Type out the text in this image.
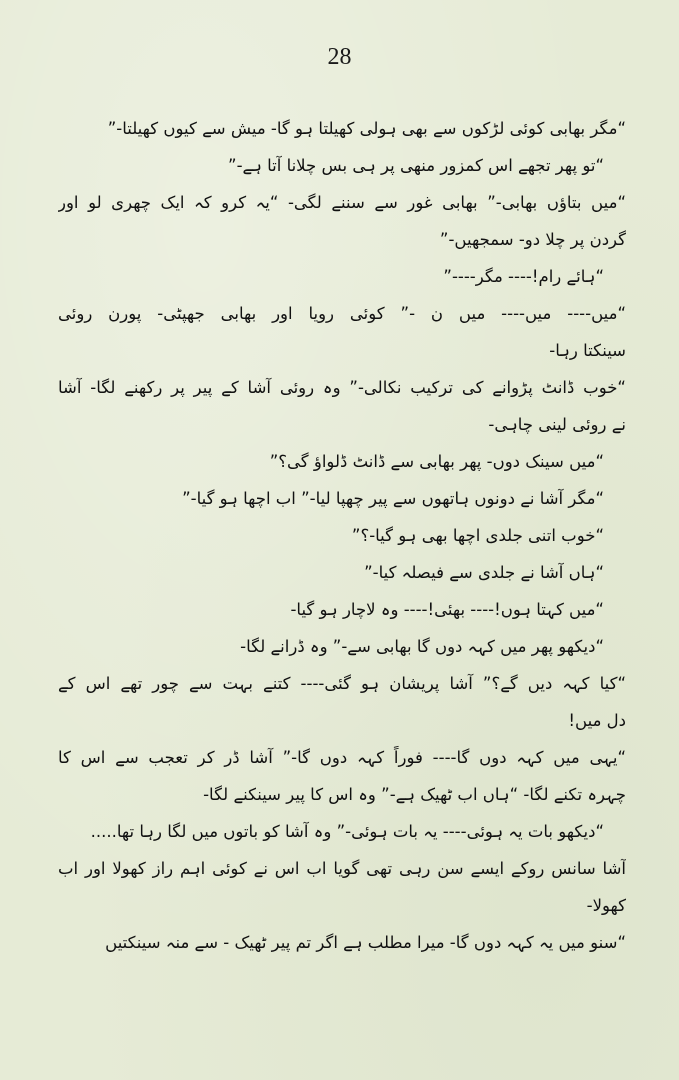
28
“مگر بھابی کوئی لڑکوں سے بھی ہولی کھیلتا ہو گا- میش سے کیوں کھیلتا-”
“تو پھر تجھے اس کمزور منھی پر ہی بس چلانا آتا ہے-”
“میں بتاؤں بھابی-” بھابی غور سے سننے لگی- “یہ کرو کہ ایک چھری لو اور
گردن پر چلا دو- سمجھیں-”
“ہائے رام!---- مگر----”
“میں---- میں---- میں ن -” کوئی رویا اور بھابی جھپٹی- پورن روئی
سینکتا رہا-
“خوب ڈانٹ پڑوانے کی ترکیب نکالی-” وہ روئی آشا کے پیر پر رکھنے لگا- آشا
نے روئی لینی چاہی-
“میں سینک دوں- پھر بھابی سے ڈانٹ ڈلواؤ گی؟”
“مگر آشا نے دونوں ہاتھوں سے پیر چھپا لیا-” اب اچھا ہو گیا-”
“خوب اتنی جلدی اچھا بھی ہو گیا-؟”
“ہاں آشا نے جلدی سے فیصلہ کیا-”
“میں کہتا ہوں!---- بھئی!---- وہ لاچار ہو گیا-
“دیکھو پھر میں کہہ دوں گا بھابی سے-” وہ ڈرانے لگا-
“کیا کہہ دیں گے؟” آشا پریشان ہو گئی---- کتنے بہت سے چور تھے اس کے
دل میں!
“یہی میں کہہ دوں گا---- فوراً کہہ دوں گا-” آشا ڈر کر تعجب سے اس کا
چہرہ تکنے لگا- “ہاں اب ٹھیک ہے-” وہ اس کا پیر سینکنے لگا-
“دیکھو بات یہ ہوئی---- یہ بات ہوئی-” وہ آشا کو باتوں میں لگا رہا تھا.....
آشا سانس روکے ایسے سن رہی تھی گویا اب اس نے کوئی اہم راز کھولا اور اب
کھولا-
“سنو میں یہ کہہ دوں گا- میرا مطلب ہے اگر تم پیر ٹھیک - سے منہ سینکتیں
